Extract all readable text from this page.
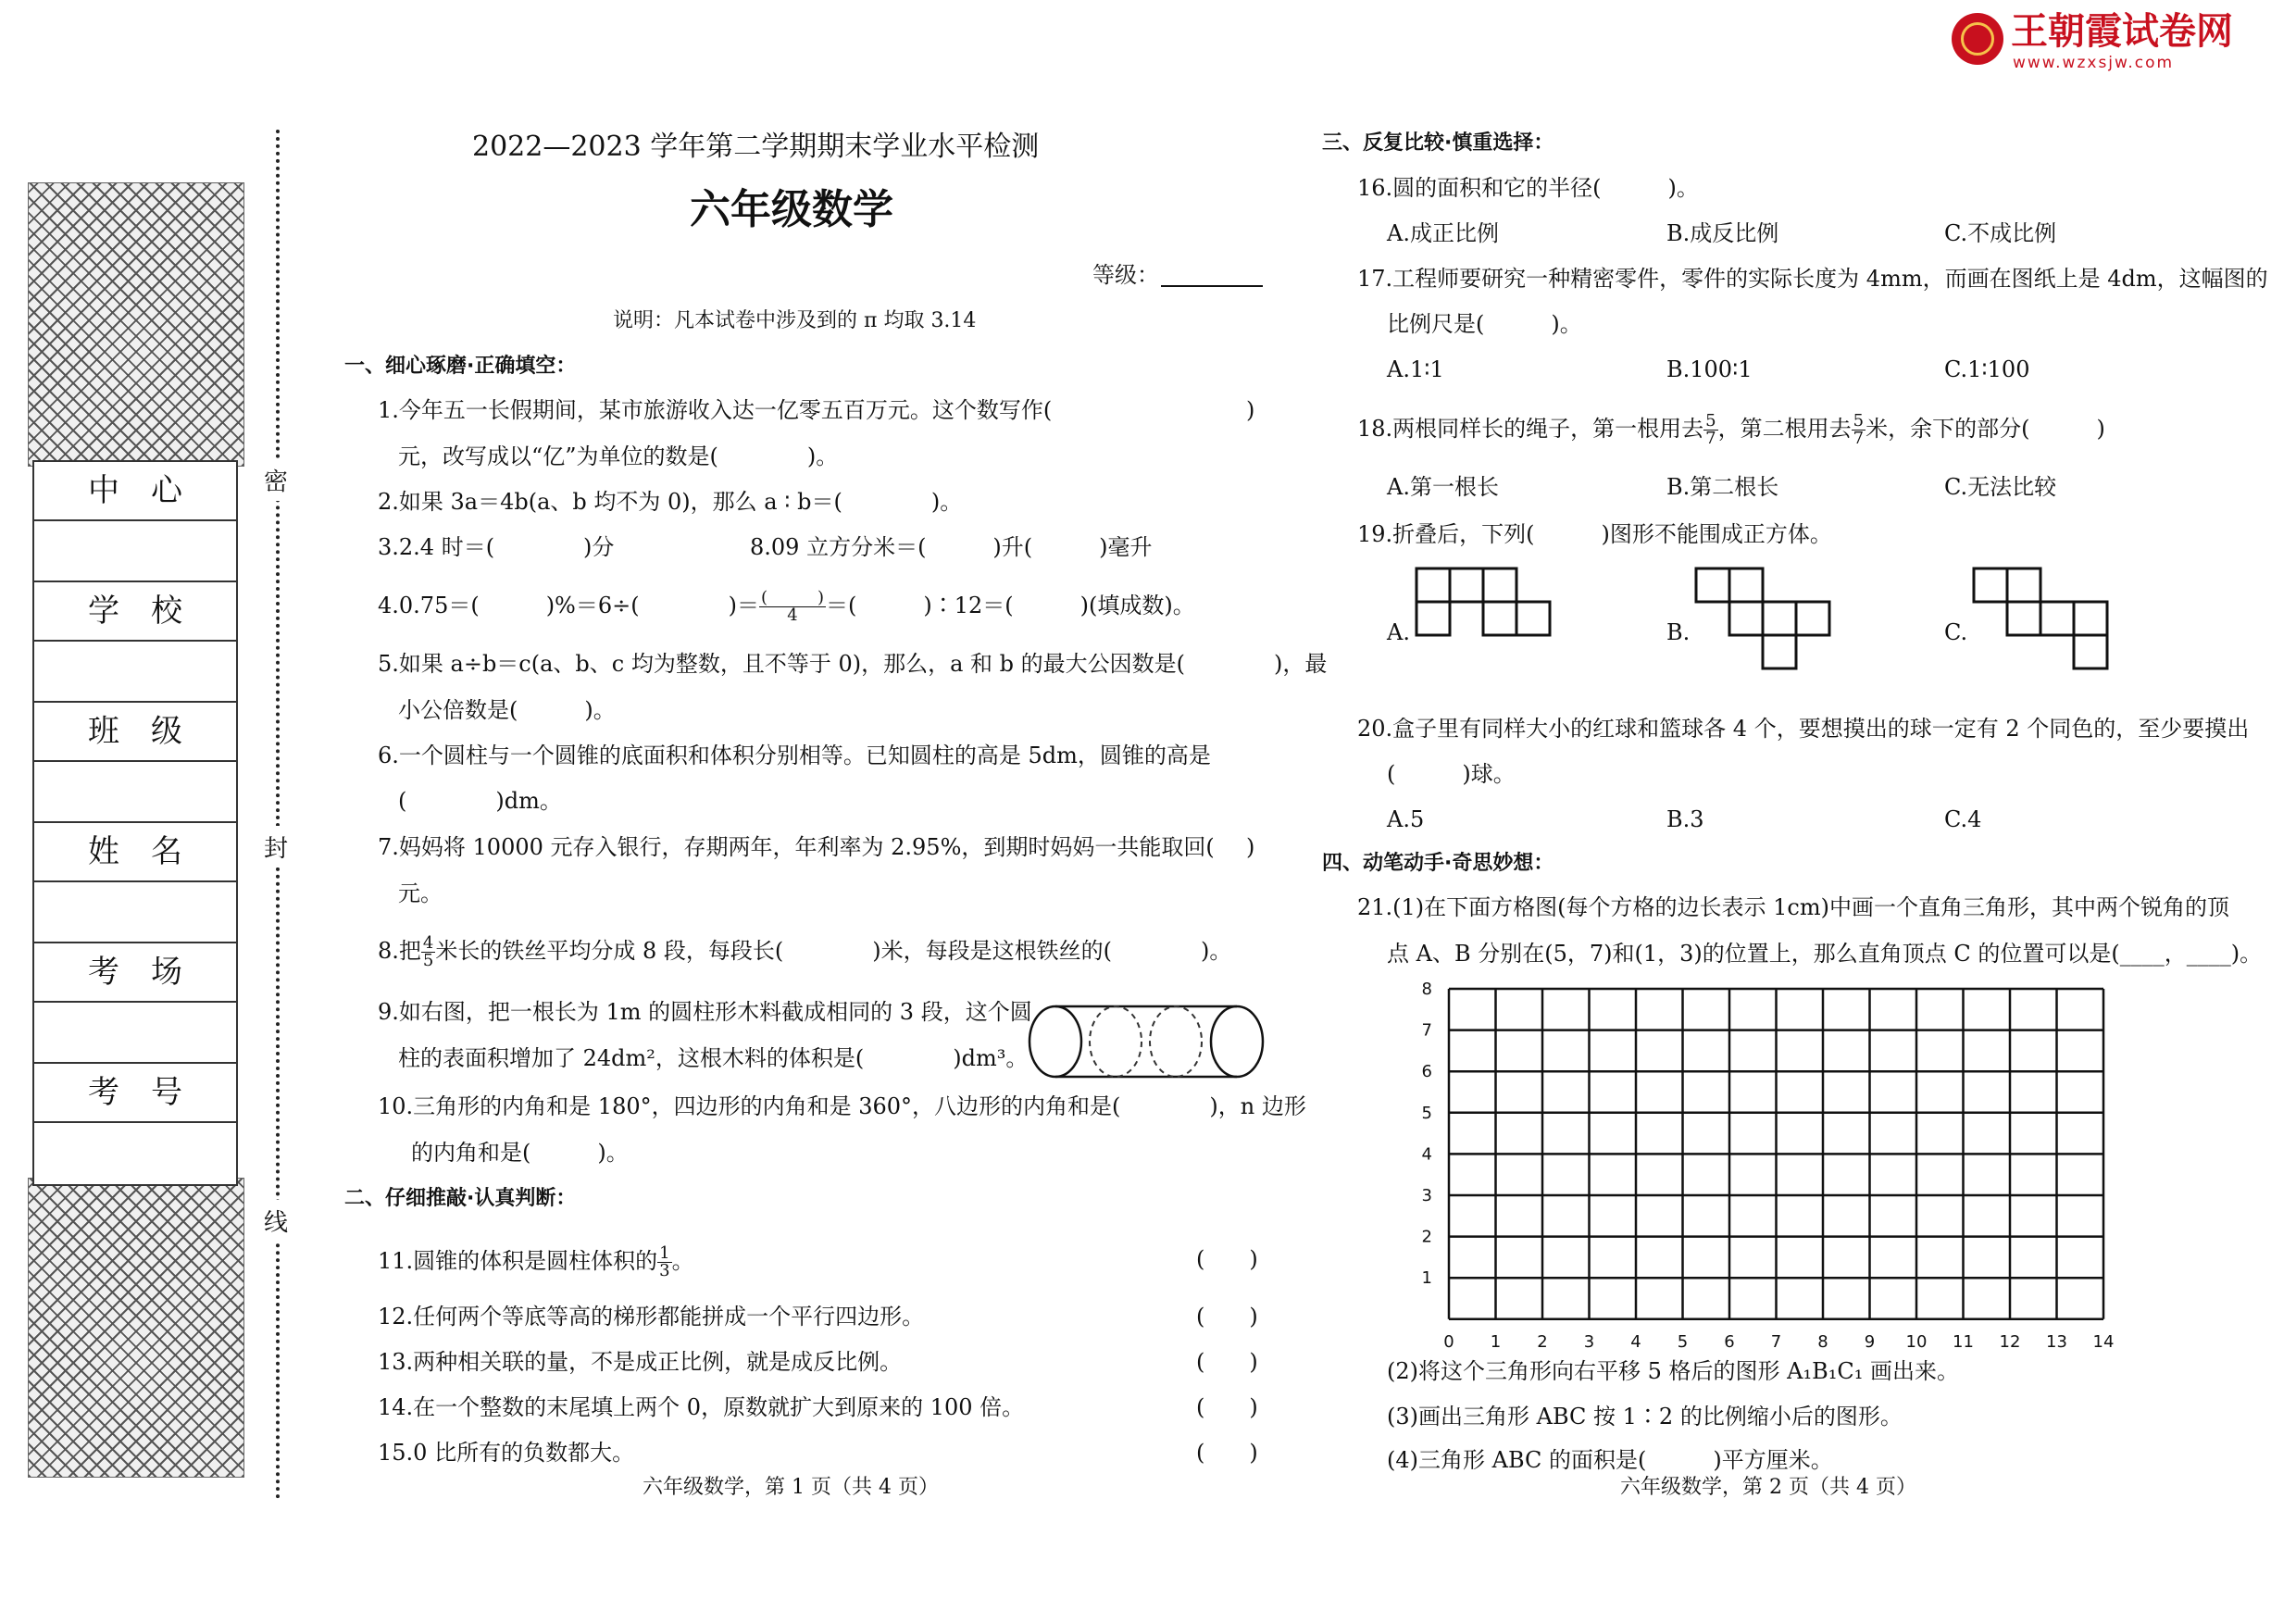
王朝霞试卷网
www.wzxsjw.com
中心
学校
班级
姓名
考场
考号
密
封
线
2022—2023 学年第二学期期末学业水平检测
六年级数学
等级：
说明：凡本试卷中涉及到的 π 均取 3.14
一、细心琢磨·正确填空：
1.今年五一长假期间，某市旅游收入达一亿零五百万元。这个数写作(	)
元，改写成以“亿”为单位的数是(　　　　)。
2.如果 3a＝4b(a、b 均不为 0)，那么 a ∶ b＝(　　　　)。
3.2.4 时＝(　　　　)分	8.09 立方分米＝(　　　)升(　　　)毫升
4.0.75＝(　　　)%＝6÷(　　　　)＝ $\frac{( )}{4}$ ＝(　　　)∶12＝(　　　)(填成数)。
5.如果 a÷b＝c(a、b、c 均为整数，且不等于 0)，那么，a 和 b 的最大公因数是(　　　　)，最
小公倍数是(　　　)。
6.一个圆柱与一个圆锥的底面积和体积分别相等。已知圆柱的高是 5dm，圆锥的高是
(　　　　)dm。
7.妈妈将 10000 元存入银行，存期两年，年利率为 2.95%，到期时妈妈一共能取回( )
元。
8.把 $\frac{4}{5}$ 米长的铁丝平均分成 8 段，每段长(　　　　)米，每段是这根铁丝的(　　　　)。
9.如右图，把一根长为 1m 的圆柱形木料截成相同的 3 段，这个圆
柱的表面积增加了 24dm²，这根木料的体积是(　　　　)dm³。
10.三角形的内角和是 180°，四边形的内角和是 360°，八边形的内角和是(　　　　)，n 边形
的内角和是(　　　)。
二、仔细推敲·认真判断：
11.圆锥的体积是圆柱体积的 $\frac{1}{3}$ 。	(　　)
12.任何两个等底等高的梯形都能拼成一个平行四边形。	(　　)
13.两种相关联的量，不是成正比例，就是成反比例。	(　　)
14.在一个整数的末尾填上两个 0，原数就扩大到原来的 100 倍。	(　　)
15.0 比所有的负数都大。	(　　)
六年级数学，第 1 页（共 4 页）
三、反复比较·慎重选择：
16.圆的面积和它的半径(　　　)。
A.成正比例	B.成反比例	C.不成比例
17.工程师要研究一种精密零件，零件的实际长度为 4mm，而画在图纸上是 4dm，这幅图的
比例尺是(　　　)。
A.1∶1	B.100∶1	C.1∶100
18.两根同样长的绳子，第一根用去 $\frac{5}{7}$ ，第二根用去 $\frac{5}{7}$ 米，余下的部分(　　　)
A.第一根长	B.第二根长	C.无法比较
19.折叠后，下列(　　　)图形不能围成正方体。
A.	B.	C.
20.盒子里有同样大小的红球和篮球各 4 个，要想摸出的球一定有 2 个同色的，至少要摸出
(　　　)球。
A.5	B.3	C.4
四、动笔动手·奇思妙想：
21.(1)在下面方格图(每个方格的边长表示 1cm)中画一个直角三角形，其中两个锐角的顶
点 A、B 分别在(5，7)和(1，3)的位置上，那么直角顶点 C 的位置可以是(____，____)。
0 1 2 3 4 5 6 7 8 9 10 11 12 13 14
1
2
3
4
5
6
7
8
(2)将这个三角形向右平移 5 格后的图形 A₁B₁C₁ 画出来。
(3)画出三角形 ABC 按 1∶2 的比例缩小后的图形。
(4)三角形 ABC 的面积是(　　　)平方厘米。
六年级数学，第 2 页（共 4 页）
